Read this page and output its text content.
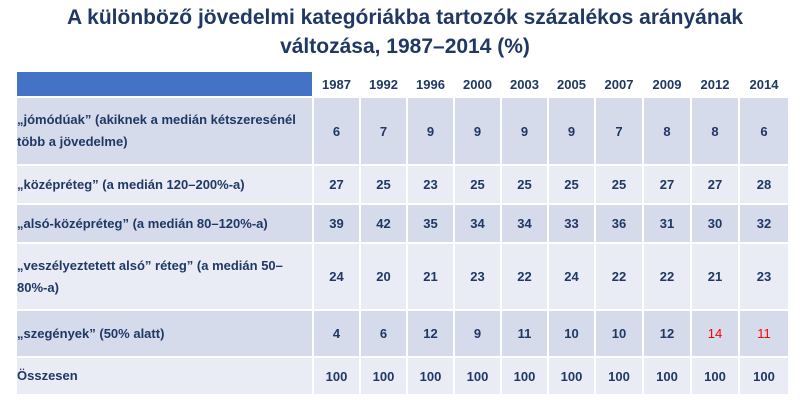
A különböző jövedelmi kategóriákba tartozók százalékos arányának
változása, 1987–2014 (%)
	1987	1992	1996	2000	2003	2005	2007	2009	2012	2014
„jómódúak” (akiknek a medián kétszeresénél több a jövedelme)	6	7	9	9	9	9	7	8	8	6
„középréteg” (a medián 120–200%-a)	27	25	23	25	25	25	25	27	27	28
„alsó-középréteg” (a medián 80–120%-a)	39	42	35	34	34	33	36	31	30	32
„veszélyeztetett alsó” réteg” (a medián 50–80%-a)	24	20	21	23	22	24	22	22	21	23
„szegények” (50% alatt)	4	6	12	9	11	10	10	12	14	11
Összesen	100	100	100	100	100	100	100	100	100	100
